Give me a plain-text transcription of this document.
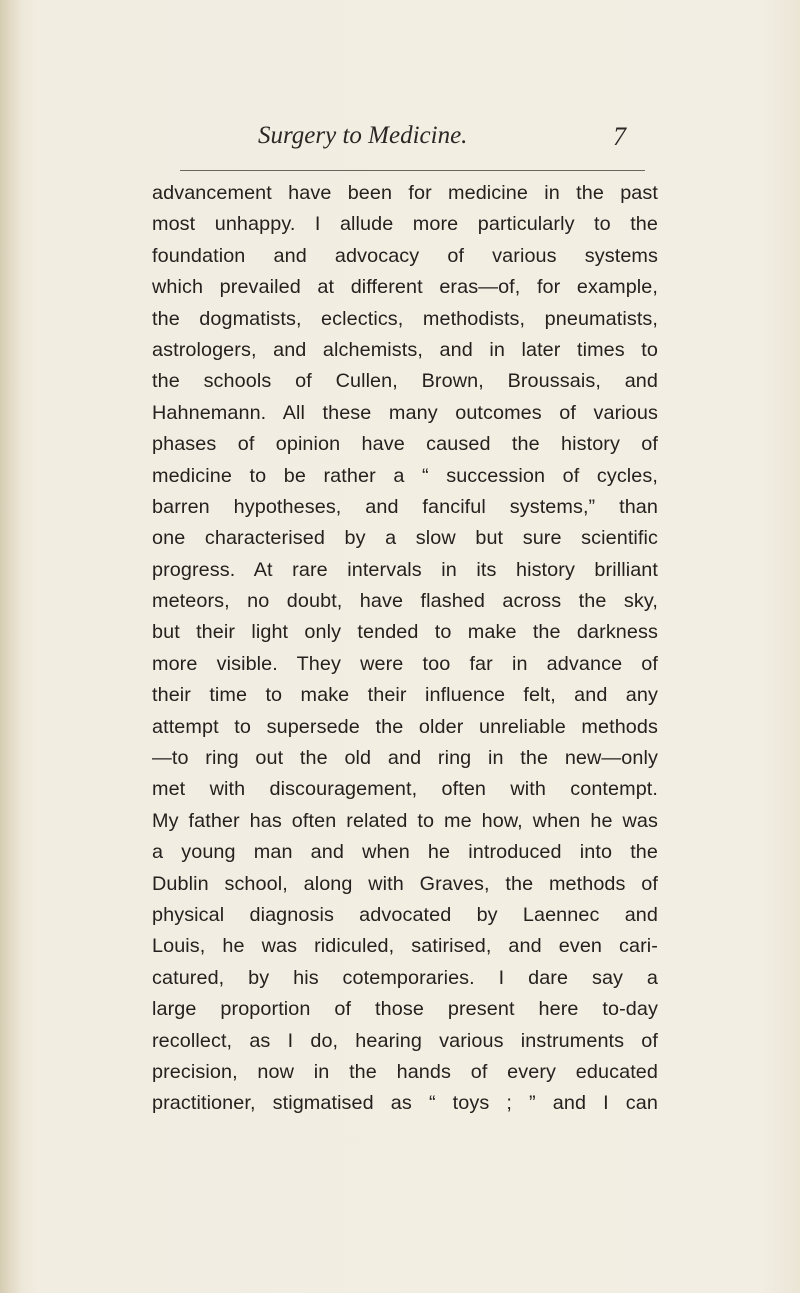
Surgery to Medicine.	7
advancement have been for medicine in the past
most unhappy. I allude more particularly to the
foundation and advocacy of various systems
which prevailed at different eras—of, for example,
the dogmatists, eclectics, methodists, pneumatists,
astrologers, and alchemists, and in later times to
the schools of Cullen, Brown, Broussais, and
Hahnemann. All these many outcomes of various
phases of opinion have caused the history of
medicine to be rather a “ succession of cycles,
barren hypotheses, and fanciful systems,” than
one characterised by a slow but sure scientific
progress. At rare intervals in its history brilliant
meteors, no doubt, have flashed across the sky,
but their light only tended to make the darkness
more visible. They were too far in advance of
their time to make their influence felt, and any
attempt to supersede the older unreliable methods
—to ring out the old and ring in the new—only
met with discouragement, often with contempt.
My father has often related to me how, when he was
a young man and when he introduced into the
Dublin school, along with Graves, the methods of
physical diagnosis advocated by Laennec and
Louis, he was ridiculed, satirised, and even cari-
catured, by his cotemporaries. I dare say a
large proportion of those present here to-day
recollect, as I do, hearing various instruments of
precision, now in the hands of every educated
practitioner, stigmatised as “ toys ; ” and I can
